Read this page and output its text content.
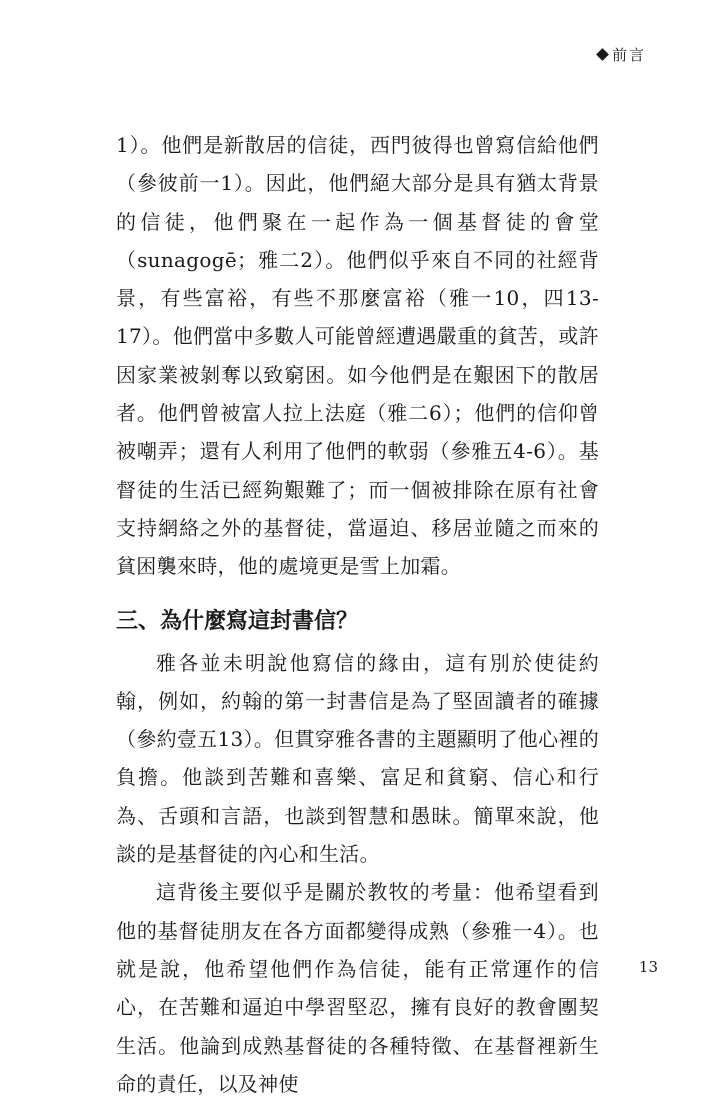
前言

1）。他們是新散居的信徒，西門彼得也曾寫信給他們（參彼前一1）。因此，他們絕大部分是具有猶太背景的信徒，他們聚在一起作為一個基督徒的會堂（sunagogē；雅二2）。他們似乎來自不同的社經背景，有些富裕，有些不那麼富裕（雅一10，四13-17）。他們當中多數人可能曾經遭遇嚴重的貧苦，或許因家業被剝奪以致窮困。如今他們是在艱困下的散居者。他們曾被富人拉上法庭（雅二6）；他們的信仰曾被嘲弄；還有人利用了他們的軟弱（參雅五4-6）。基督徒的生活已經夠艱難了；而一個被排除在原有社會支持網絡之外的基督徒，當逼迫、移居並隨之而來的貧困襲來時，他的處境更是雪上加霜。

三、為什麼寫這封書信？

雅各並未明說他寫信的緣由，這有別於使徒約翰，例如，約翰的第一封書信是為了堅固讀者的確據（參約壹五13）。但貫穿雅各書的主題顯明了他心裡的負擔。他談到苦難和喜樂、富足和貧窮、信心和行為、舌頭和言語，也談到智慧和愚昧。簡單來說，他談的是基督徒的內心和生活。

這背後主要似乎是關於教牧的考量：他希望看到他的基督徒朋友在各方面都變得成熟（參雅一4）。也就是說，他希望他們作為信徒，能有正常運作的信心，在苦難和逼迫中學習堅忍，擁有良好的教會團契生活。他論到成熟基督徒的各種特徵、在基督裡新生命的責任，以及神使

13
